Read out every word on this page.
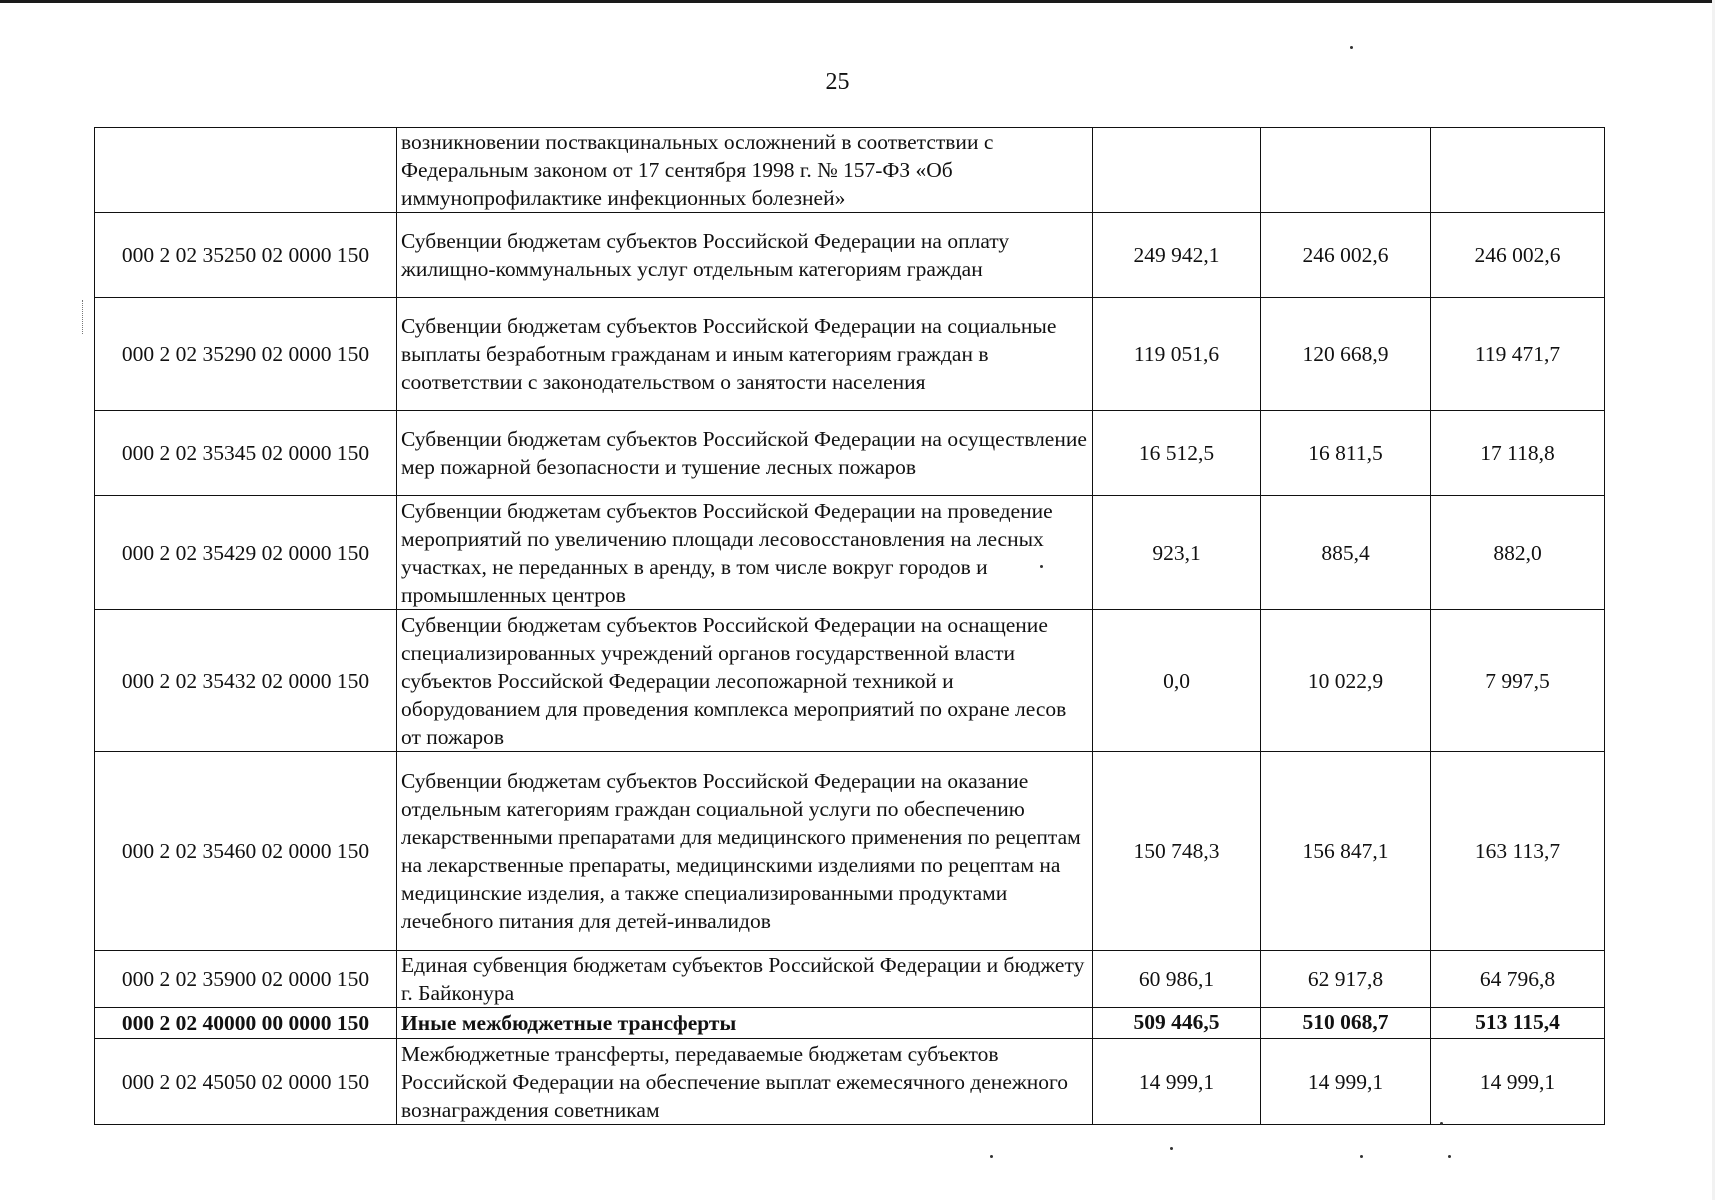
25
	возникновении поствакцинальных осложнений в соответствии с Федеральным законом от 17 сентября 1998 г. № 157-ФЗ «Об иммунопрофилактике инфекционных болезней»			
000 2 02 35250 02 0000 150	Субвенции бюджетам субъектов Российской Федерации на оплату жилищно-коммунальных услуг отдельным категориям граждан	249 942,1	246 002,6	246 002,6
000 2 02 35290 02 0000 150	Субвенции бюджетам субъектов Российской Федерации на социальные выплаты безработным гражданам и иным категориям граждан в соответствии с законодательством о занятости населения	119 051,6	120 668,9	119 471,7
000 2 02 35345 02 0000 150	Субвенции бюджетам субъектов Российской Федерации на осуществление мер пожарной безопасности и тушение лесных пожаров	16 512,5	16 811,5	17 118,8
000 2 02 35429 02 0000 150	Субвенции бюджетам субъектов Российской Федерации на проведение мероприятий по увеличению площади лесовосстановления на лесных участках, не переданных в аренду, в том числе вокруг городов и промышленных центров	923,1	885,4	882,0
000 2 02 35432 02 0000 150	Субвенции бюджетам субъектов Российской Федерации на оснащение специализированных учреждений органов государственной власти субъектов Российской Федерации лесопожарной техникой и оборудованием для проведения комплекса мероприятий по охране лесов от пожаров	0,0	10 022,9	7 997,5
000 2 02 35460 02 0000 150	Субвенции бюджетам субъектов Российской Федерации на оказание отдельным категориям граждан социальной услуги по обеспечению лекарственными препаратами для медицинского применения по рецептам на лекарственные препараты, медицинскими изделиями по рецептам на медицинские изделия, а также специализированными продуктами лечебного питания для детей-инвалидов	150 748,3	156 847,1	163 113,7
000 2 02 35900 02 0000 150	Единая субвенция бюджетам субъектов Российской Федерации и бюджету г. Байконура	60 986,1	62 917,8	64 796,8
000 2 02 40000 00 0000 150	Иные межбюджетные трансферты	509 446,5	510 068,7	513 115,4
000 2 02 45050 02 0000 150	Межбюджетные трансферты, передаваемые бюджетам субъектов Российской Федерации на обеспечение выплат ежемесячного денежного вознаграждения советникам	14 999,1	14 999,1	14 999,1
